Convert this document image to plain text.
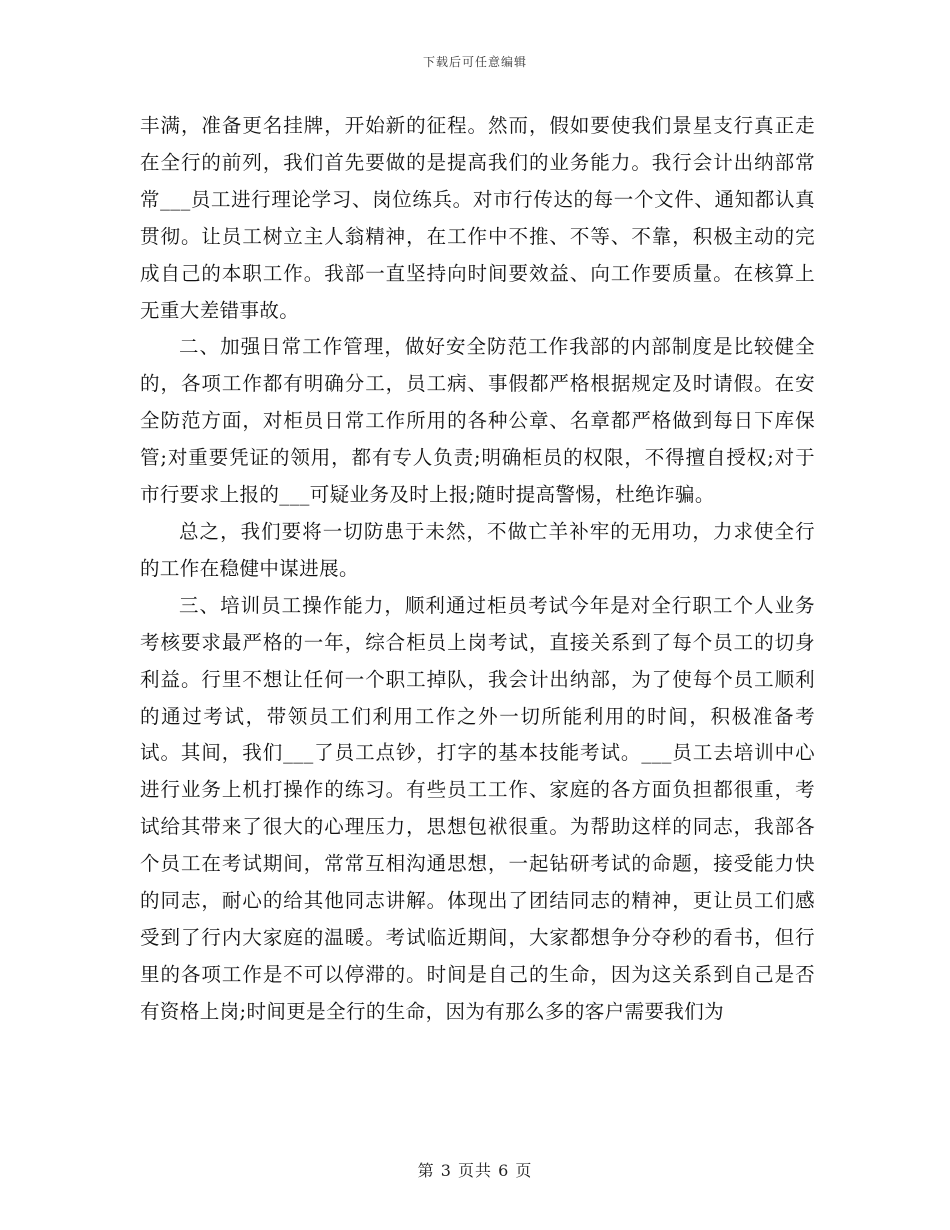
下载后可任意编辑

丰满，准备更名挂牌，开始新的征程。然而，假如要使我们景星支行真正走在全行的前列，我们首先要做的是提高我们的业务能力。我行会计出纳部常常___员工进行理论学习、岗位练兵。对市行传达的每一个文件、通知都认真贯彻。让员工树立主人翁精神，在工作中不推、不等、不靠，积极主动的完成自己的本职工作。我部一直坚持向时间要效益、向工作要质量。在核算上无重大差错事故。

二、加强日常工作管理，做好安全防范工作我部的内部制度是比较健全的，各项工作都有明确分工，员工病、事假都严格根据规定及时请假。在安全防范方面，对柜员日常工作所用的各种公章、名章都严格做到每日下库保管;对重要凭证的领用，都有专人负责;明确柜员的权限，不得擅自授权;对于市行要求上报的___可疑业务及时上报;随时提高警惕，杜绝诈骗。

总之，我们要将一切防患于未然，不做亡羊补牢的无用功，力求使全行的工作在稳健中谋进展。

三、培训员工操作能力，顺利通过柜员考试今年是对全行职工个人业务考核要求最严格的一年，综合柜员上岗考试，直接关系到了每个员工的切身利益。行里不想让任何一个职工掉队，我会计出纳部，为了使每个员工顺利的通过考试，带领员工们利用工作之外一切所能利用的时间，积极准备考试。其间，我们___了员工点钞，打字的基本技能考试。___员工去培训中心进行业务上机打操作的练习。有些员工工作、家庭的各方面负担都很重，考试给其带来了很大的心理压力，思想包袱很重。为帮助这样的同志，我部各个员工在考试期间，常常互相沟通思想，一起钻研考试的命题，接受能力快的同志，耐心的给其他同志讲解。体现出了团结同志的精神，更让员工们感受到了行内大家庭的温暖。考试临近期间，大家都想争分夺秒的看书，但行里的各项工作是不可以停滞的。时间是自己的生命，因为这关系到自己是否有资格上岗;时间更是全行的生命，因为有那么多的客户需要我们为

第 3 页共 6 页
